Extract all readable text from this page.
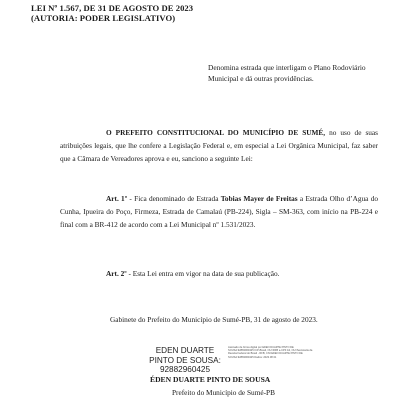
LEI Nº 1.567, DE 31 DE AGOSTO DE 2023
(AUTORIA: PODER LEGISLATIVO)
Denomina estrada que interligam o Plano Rodoviário Municipal e dá outras providências.
O PREFEITO CONSTITUCIONAL DO MUNICÍPIO DE SUMÉ, no uso de suas atribuições legais, que lhe confere a Legislação Federal e, em especial a Lei Orgânica Municipal, faz saber que a Câmara de Vereadores aprova e eu, sanciono a seguinte Lei:
Art. 1º - Fica denominado de Estrada Tobias Mayer de Freitas a Estrada Olho d’Agua do Cunha, Ipueira do Poço, Firmeza, Estrada de Camalaú (PB-224), Sigla – SM-363, com início na PB-224 e final com a BR-412 de acordo com a Lei Municipal nº 1.531/2023.
Art. 2º - Esta Lei entra em vigor na data de sua publicação.
Gabinete do Prefeito do Município de Sumé-PB, 31 de agosto de 2023.
EDEN DUARTE PINTO DE SOUSA:
92882960425
Assinado de forma digital por EDEN DUARTE PINTO DE SOUSA:92882960425 ICP-Brasil, OU=RFB e-CPF A3, OU=Secretaria da Receita Federal do Brasil - RFB, CN=EDEN DUARTE PINTO DE SOUSA:92882960425 Dados: 2023.08.31
ÉDEN DUARTE PINTO DE SOUSA
Prefeito do Município de Sumé-PB
